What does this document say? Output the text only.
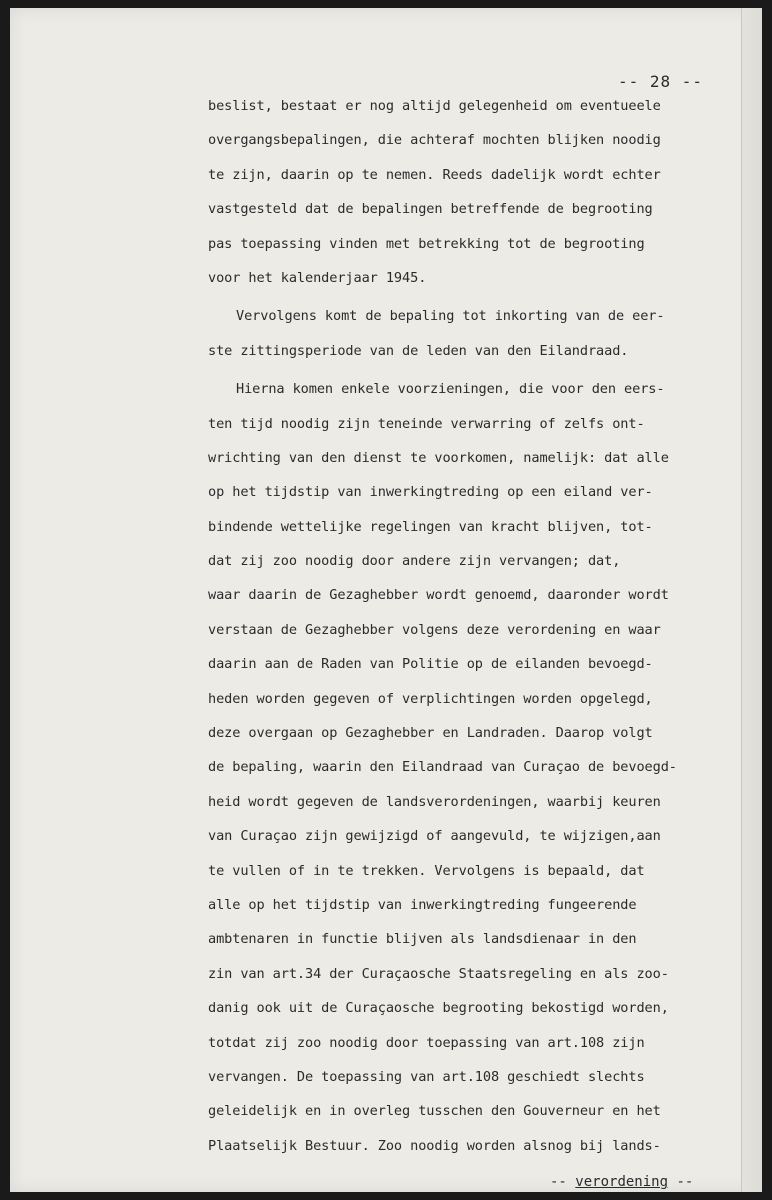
-- 28 --
beslist, bestaat er nog altijd gelegenheid om eventueele
overgangsbepalingen, die achteraf mochten blijken noodig
te zijn, daarin op te nemen. Reeds dadelijk wordt echter
vastgesteld dat de bepalingen betreffende de begrooting
pas toepassing vinden met betrekking tot de begrooting
voor het kalenderjaar 1945.
Vervolgens komt de bepaling tot inkorting van de eer-
ste zittingsperiode van de leden van den Eilandraad.
Hierna komen enkele voorzieningen, die voor den eers-
ten tijd noodig zijn teneinde verwarring of zelfs ont-
wrichting van den dienst te voorkomen, namelijk: dat alle
op het tijdstip van inwerkingtreding op een eiland ver-
bindende wettelijke regelingen van kracht blijven, tot-
dat zij zoo noodig door andere zijn vervangen; dat,
waar daarin de Gezaghebber wordt genoemd, daaronder wordt
verstaan de Gezaghebber volgens deze verordening en waar
daarin aan de Raden van Politie op de eilanden bevoegd-
heden worden gegeven of verplichtingen worden opgelegd,
deze overgaan op Gezaghebber en Landraden. Daarop volgt
de bepaling, waarin den Eilandraad van Curaçao de bevoegd-
heid wordt gegeven de landsverordeningen, waarbij keuren
van Curaçao zijn gewijzigd of aangevuld, te wijzigen,aan
te vullen of in te trekken. Vervolgens is bepaald, dat
alle op het tijdstip van inwerkingtreding fungeerende
ambtenaren in functie blijven als landsdienaar in den
zin van art.34 der Curaçaosche Staatsregeling en als zoo-
danig ook uit de Curaçaosche begrooting bekostigd worden,
totdat zij zoo noodig door toepassing van art.108 zijn
vervangen. De toepassing van art.108 geschiedt slechts
geleidelijk en in overleg tusschen den Gouverneur en het
Plaatselijk Bestuur. Zoo noodig worden alsnog bij lands-
-- verordening --
